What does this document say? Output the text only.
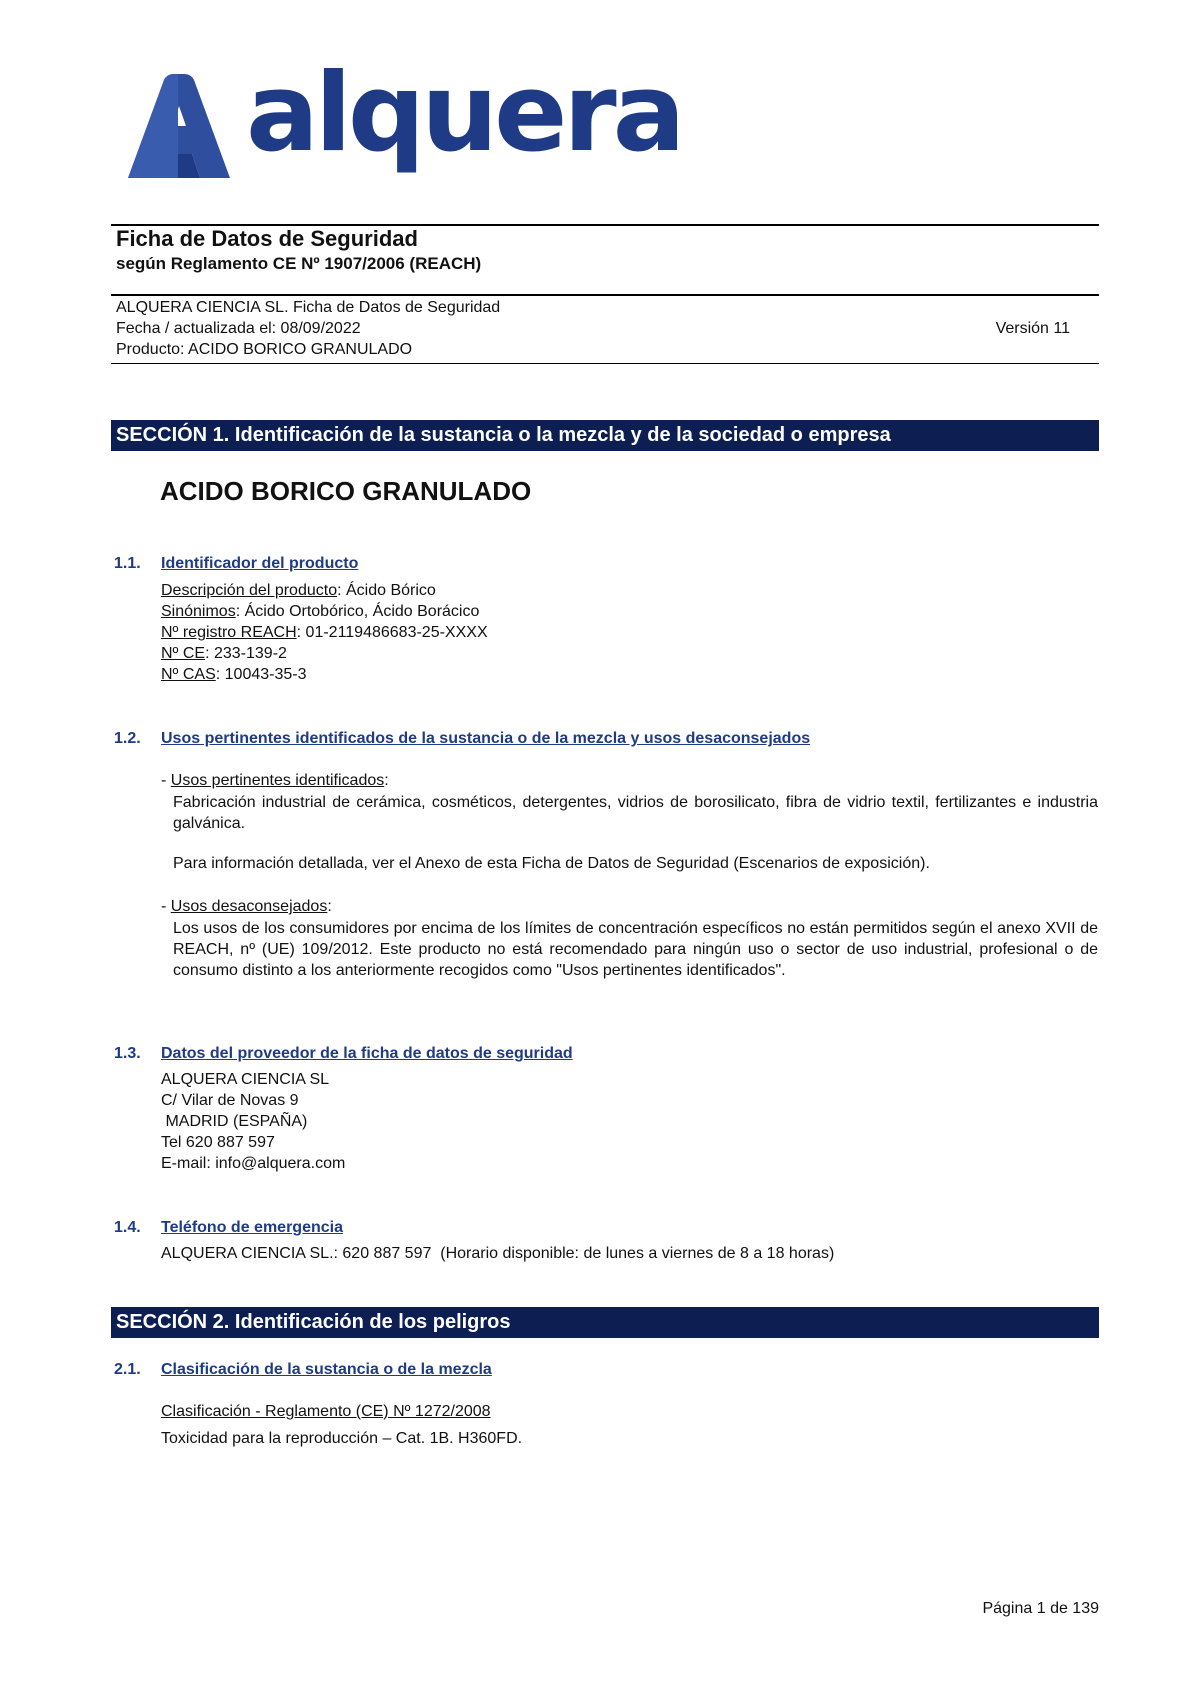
alquera
Ficha de Datos de Seguridad
según Reglamento CE Nº 1907/2006 (REACH)
ALQUERA CIENCIA SL. Ficha de Datos de Seguridad
Fecha / actualizada el: 08/09/2022	Versión 11
Producto: ACIDO BORICO GRANULADO
SECCIÓN 1. Identificación de la sustancia o la mezcla y de la sociedad o empresa
ACIDO BORICO GRANULADO
1.1. Identificador del producto
Descripción del producto: Ácido Bórico
Sinónimos: Ácido Ortobórico, Ácido Borácico
Nº registro REACH: 01-2119486683-25-XXXX
Nº CE: 233-139-2
Nº CAS: 10043-35-3
1.2. Usos pertinentes identificados de la sustancia o de la mezcla y usos desaconsejados
- Usos pertinentes identificados:
Fabricación industrial de cerámica, cosméticos, detergentes, vidrios de borosilicato, fibra de vidrio textil, fertilizantes e industria galvánica.
Para información detallada, ver el Anexo de esta Ficha de Datos de Seguridad (Escenarios de exposición).
- Usos desaconsejados:
Los usos de los consumidores por encima de los límites de concentración específicos no están permitidos según el anexo XVII de REACH, nº (UE) 109/2012. Este producto no está recomendado para ningún uso o sector de uso industrial, profesional o de consumo distinto a los anteriormente recogidos como "Usos pertinentes identificados".
1.3. Datos del proveedor de la ficha de datos de seguridad
ALQUERA CIENCIA SL
C/ Vilar de Novas 9
MADRID (ESPAÑA)
Tel 620 887 597
E-mail: info@alquera.com
1.4. Teléfono de emergencia
ALQUERA CIENCIA SL.: 620 887 597  (Horario disponible: de lunes a viernes de 8 a 18 horas)
SECCIÓN 2. Identificación de los peligros
2.1. Clasificación de la sustancia o de la mezcla
Clasificación - Reglamento (CE) Nº 1272/2008
Toxicidad para la reproducción – Cat. 1B. H360FD.
Página 1 de 139
